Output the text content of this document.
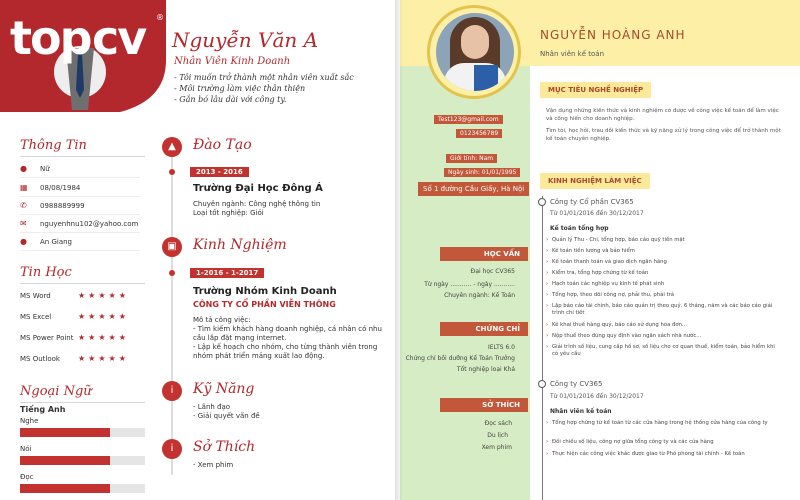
top cv ®
Nguyễn Văn A
Nhân Viên Kinh Doanh
- Tôi muốn trở thành một nhân viên xuất sắc
- Môi trường làm việc thân thiện
- Gắn bó lâu dài với công ty.
Thông Tin
●	Nữ
▦	08/08/1984
✆	0988889999
✉	nguyenhnu102@yahoo.com
●	An Giang
Tin Học
MS Word	★★★★★
MS Excel	★★★★★
MS Power Point ★★★★★
MS Outlook ★★★★★
Ngoại Ngữ
Tiếng Anh
Nghe
Nói
Đọc
▲	Đào Tạo
2013 - 2016
Trường Đại Học Đông Á
Chuyên ngành: Công nghệ thông tin
Loại tốt nghiệp: Giỏi
▣	Kinh Nghiệm
1-2016 - 1-2017
Trường Nhóm Kinh Doanh
CÔNG TY CỔ PHẦN VIỄN THÔNG
Mô tả công việc:
- Tìm kiếm khách hàng doanh nghiệp, cá nhân có nhu cầu lắp đặt mạng internet.
- Lập kế hoạch cho nhóm, cho từng thành viên trong nhóm phát triển mảng xuất lao động.
i	Kỹ Năng
- Lãnh đạo
- Giải quyết vấn đề
i	Sở Thích
- Xem phim
NGUYỄN HOÀNG ANH
Nhân viên kế toán
Test123@gmail.com
0123456789
Giới tính: Nam
Ngày sinh: 01/01/1995
Số 1 đường Cầu Giấy, Hà Nội
HỌC VẤN
Đại học CV365
Từ ngày ........... - ngày ...........
Chuyên ngành: Kế Toán
CHỨNG CHỈ
IELTS 6.0
Chứng chỉ bồi dưỡng Kế Toán Trưởng
Tốt nghiệp loại Khá
SỞ THÍCH
Đọc sách
Du lịch
Xem phim
MỤC TIÊU NGHỀ NGHIỆP
Vận dụng những kiến thức và kinh nghiệm có được về công việc kế toán để làm việc và cống hiến cho doanh nghiệp.
Tìm tòi, học hỏi, trau dồi kiến thức và kỹ năng xử lý trong công việc để trở thành một kế toán chuyên nghiệp.
KINH NGHIỆM LÀM VIỆC
Công ty Cổ phần CV365
Từ 01/01/2016 đến 30/12/2017
Kế toán tổng hợp
› Quản lý Thu - Chi, tổng hợp, báo cáo quỹ tiền mặt
› Kê toán tiền lương và bảo hiểm
› Kế toán thanh toán và giao dịch ngân hàng
› Kiểm tra, tổng hợp chứng từ kế toán
› Hạch toán các nghiệp vụ kinh tế phát sinh
› Tổng hợp, theo dõi công nợ, phải thu, phải trả
› Lập báo cáo tài chính, báo cáo quản trị theo quý, 6 tháng, năm và các báo cáo giải trình chi tiết
› Kê khai thuế hàng quý, báo cáo sử dụng hóa đơn...
› Nộp thuế theo đúng quy định vào ngân sách nhà nước...
› Giải trình số liệu, cung cấp hồ sơ, số liệu cho cơ quan thuế, kiểm toán, bảo hiểm khi có yêu cầu
Công ty CV365
Từ 01/01/2016 đến 30/12/2017
Nhân viên kế toán
› Tổng hợp chứng từ kế toán từ các cửa hàng trong hệ thống cửa hàng của công ty
› Đối chiếu số liệu, công nợ giữa tổng công ty và các cửa hàng
› Thực hiện các công việc khác được giao từ Phó phòng tài chính - Kế toán
